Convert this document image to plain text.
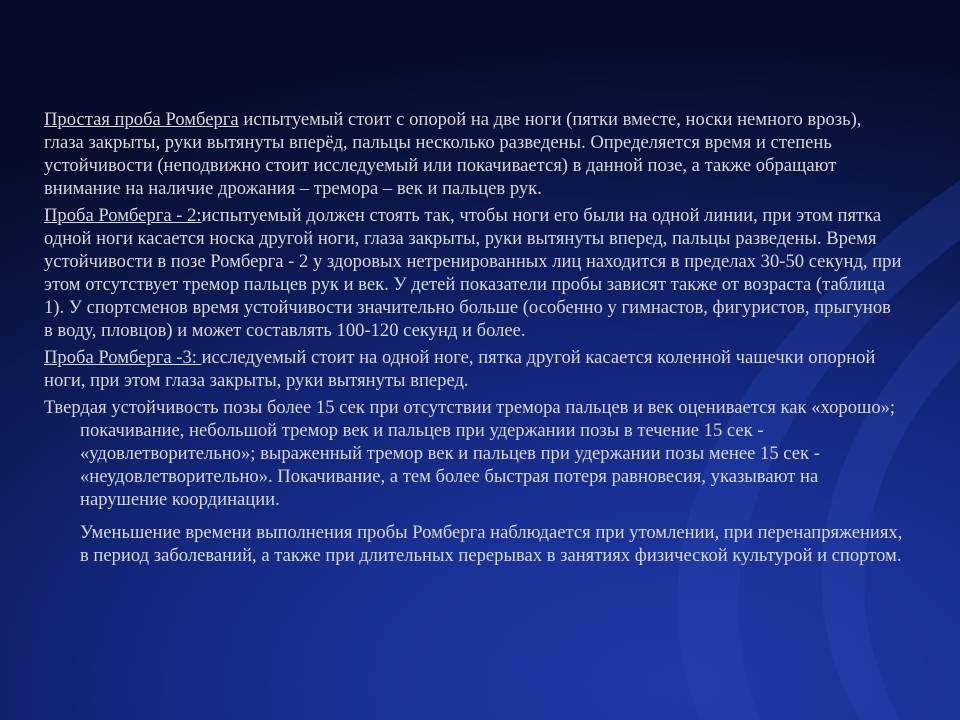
Простая проба Ромберга испытуемый стоит с опорой на две ноги (пятки вместе, носки немного врозь), глаза закрыты, руки вытянуты вперёд, пальцы несколько разведены. Определяется время и степень устойчивости (неподвижно стоит исследуемый или покачивается) в данной позе, а также обращают внимание на наличие дрожания – тремора – век и пальцев рук.

Проба Ромберга - 2:испытуемый должен стоять так, чтобы ноги его были на одной линии, при этом пятка одной ноги касается носка другой ноги, глаза закрыты, руки вытянуты вперед, пальцы разведены. Время устойчивости в позе Ромберга - 2 у здоровых нетренированных лиц находится в пределах 30-50 секунд, при этом отсутствует тремор пальцев рук и век. У детей показатели пробы зависят также от возраста (таблица 1). У спортсменов время устойчивости значительно больше (особенно у гимнастов, фигуристов, прыгунов в воду, пловцов) и может составлять 100-120 секунд и более.

Проба Ромберга -3: исследуемый стоит на одной ноге, пятка другой касается коленной чашечки опорной ноги, при этом глаза закрыты, руки вытянуты вперед.

Твердая устойчивость позы более 15 сек при отсутствии тремора пальцев и век оценивается как «хорошо»; покачивание, небольшой тремор век и пальцев при удержании позы в течение 15 сек - «удовлетворительно»; выраженный тремор век и пальцев при удержании позы менее 15 сек - «неудовлетворительно». Покачивание, а тем более быстрая потеря равновесия, указывают на нарушение координации.

Уменьшение времени выполнения пробы Ромберга наблюдается при утомлении, при перенапряжениях, в период заболеваний, а также при длительных перерывах в занятиях физической культурой и спортом.
